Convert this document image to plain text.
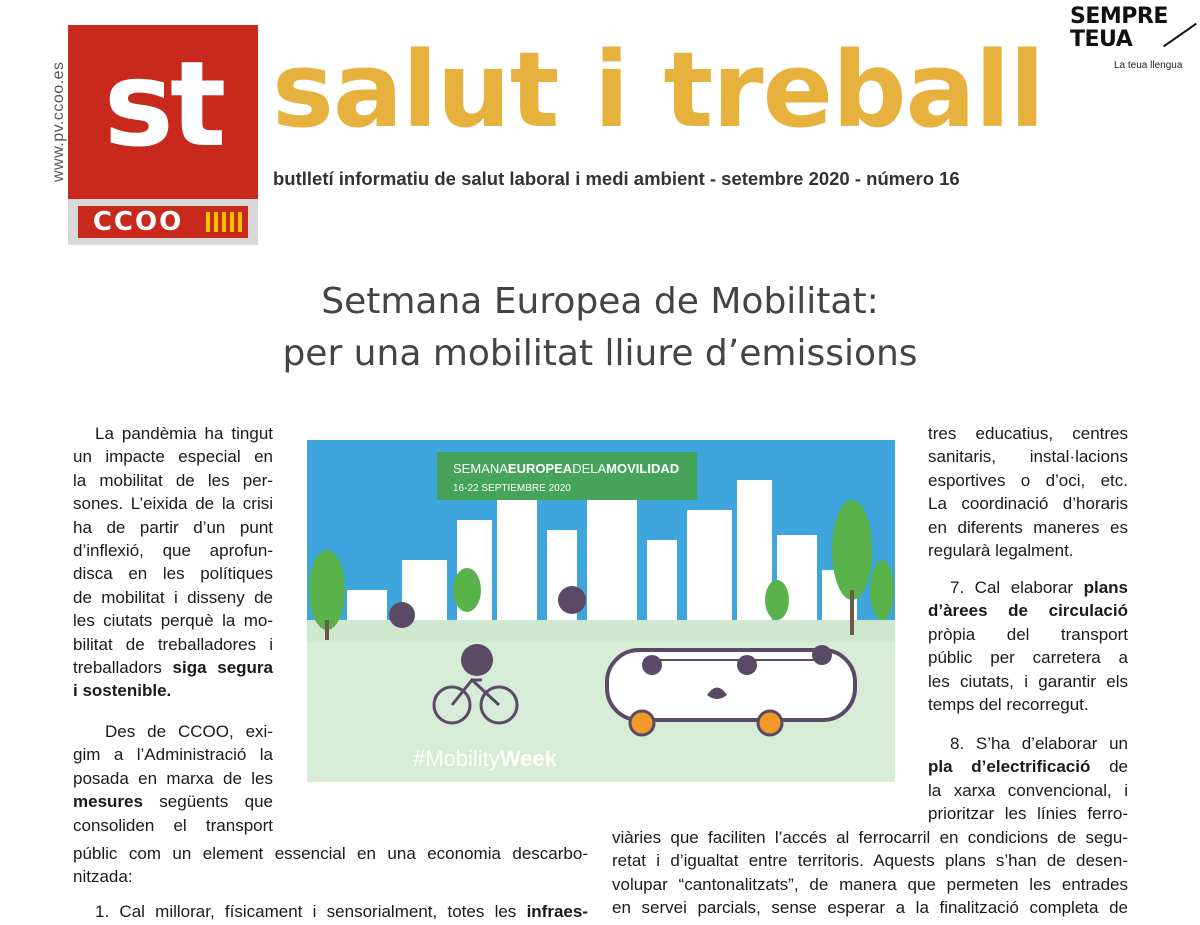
www.pv.ccoo.es st
CCOO
salut i treball
butlletí informatiu de salut laboral i medi ambient - setembre 2020 - número 16
SEMPRE
TEUA
La teua llengua
Setmana Europea de Mobilitat:
per una mobilitat lliure d’emissions
La pandèmia ha tingut
un impacte especial en
la mobilitat de les per-
sones. L’eixida de la crisi
ha de partir d’un punt
d’inflexió, que aprofun-
disca en les polítiques
de mobilitat i disseny de
les ciutats perquè la mo-
bilitat de treballadores i
treballadors siga segura
i sostenible.
Des de CCOO, exi-
gim a l’Administració la
posada en marxa de les
mesures següents que
consoliden el transport
públic com un element essencial en una economia descarbo-
nitzada:
1. Cal millorar, físicament i sensorialment, totes les infraes-
tres educatius, centres
sanitaris, instal·lacions
esportives o d’oci, etc.
La coordinació d’horaris
en diferents maneres es
regularà legalment.
7. Cal elaborar plans
d’àrees de circulació
pròpia del transport
públic per carretera a
les ciutats, i garantir els
temps del recorregut.
8. S’ha d’elaborar un
pla d’electrificació de
la xarxa convencional, i
prioritzar les línies ferro-
viàries que faciliten l’accés al ferrocarril en condicions de segu-
retat i d’igualtat entre territoris. Aquests plans s’han de desen-
volupar “cantonalitzats”, de manera que permeten les entrades
en servei parcials, sense esperar a la finalització completa de
SEMANAEUROPEADELAMOVILIDAD
16-22 SEPTIEMBRE 2020
#MobilityWeek
